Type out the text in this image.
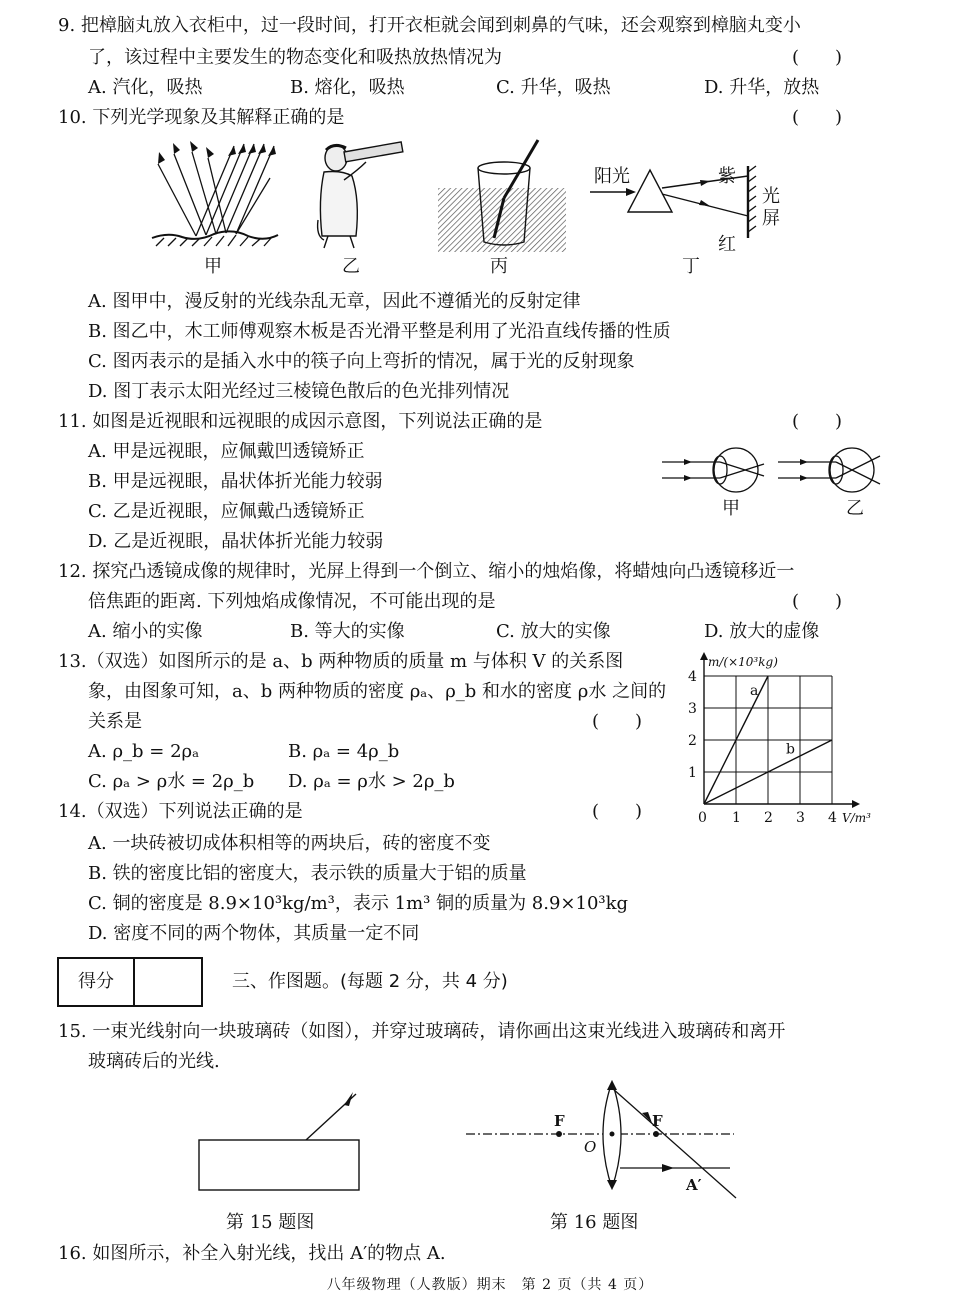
9. 把樟脑丸放入衣柜中，过一段时间，打开衣柜就会闻到刺鼻的气味，还会观察到樟脑丸变小
了，该过程中主要发生的物态变化和吸热放热情况为	(　　)
A. 汽化，吸热	B. 熔化，吸热	C. 升华，吸热	D. 升华，放热
10. 下列光学现象及其解释正确的是	(　　)
甲	乙	丙
阳光	紫
红
光
屏
丁
A. 图甲中，漫反射的光线杂乱无章，因此不遵循光的反射定律
B. 图乙中，木工师傅观察木板是否光滑平整是利用了光沿直线传播的性质
C. 图丙表示的是插入水中的筷子向上弯折的情况，属于光的反射现象
D. 图丁表示太阳光经过三棱镜色散后的色光排列情况
11. 如图是近视眼和远视眼的成因示意图，下列说法正确的是	(　　)
A. 甲是远视眼，应佩戴凹透镜矫正
B. 甲是远视眼，晶状体折光能力较弱
C. 乙是近视眼，应佩戴凸透镜矫正
D. 乙是近视眼，晶状体折光能力较弱
甲	乙
12. 探究凸透镜成像的规律时，光屏上得到一个倒立、缩小的烛焰像，将蜡烛向凸透镜移近一
倍焦距的距离. 下列烛焰成像情况，不可能出现的是	(　　)
A. 缩小的实像	B. 等大的实像	C. 放大的实像	D. 放大的虚像
13.（双选）如图所示的是 a、b 两种物质的质量 m 与体积 V 的关系图
象，由图象可知，a、b 两种物质的密度 ρₐ、ρ_b 和水的密度 ρ水 之间的
关系是	(　　)
A. ρ_b = 2ρₐ	B. ρₐ = 4ρ_b
C. ρₐ > ρ水 = 2ρ_b D. ρₐ = ρ水 > 2ρ_b
0 1 2 3 4
1
2
3
4
m/(×10³kg)
V/m³
a
b
14.（双选）下列说法正确的是	(　　)
A. 一块砖被切成体积相等的两块后，砖的密度不变
B. 铁的密度比铝的密度大，表示铁的质量大于铝的质量
C. 铜的密度是 8.9×10³kg/m³，表示 1m³ 铜的质量为 8.9×10³kg
D. 密度不同的两个物体，其质量一定不同
得分	三、作图题。(每题 2 分，共 4 分)
15. 一束光线射向一块玻璃砖（如图），并穿过玻璃砖，请你画出这束光线进入玻璃砖和离开
玻璃砖后的光线.
第 15 题图
F	F
O
A′
第 16 题图
16. 如图所示，补全入射光线，找出 A′的物点 A.
八年级物理（人教版）期末　第 2 页（共 4 页）
